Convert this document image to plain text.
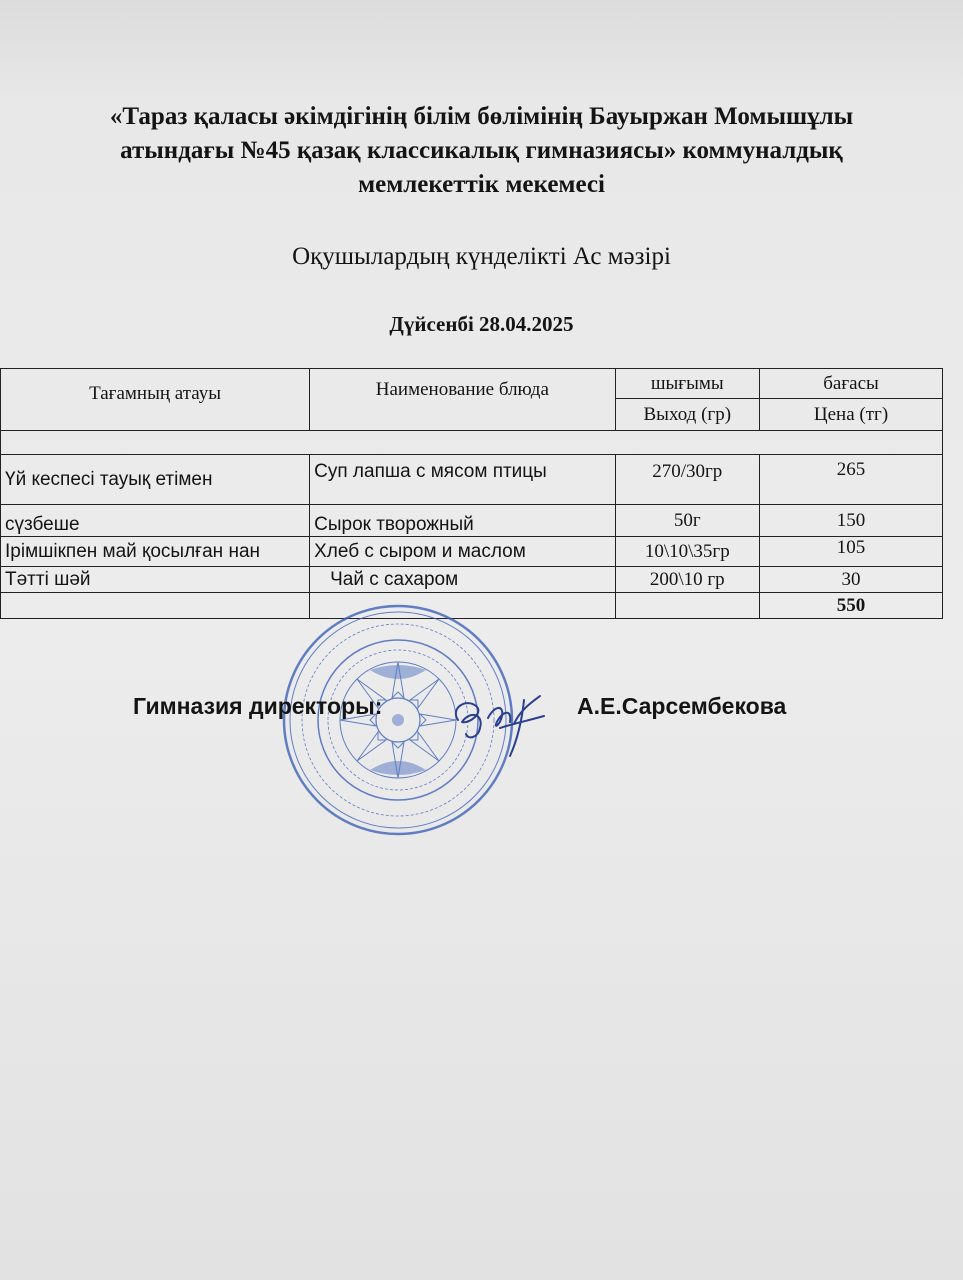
«Тараз қаласы әкімдігінің білім бөлімінің Бауыржан Момышұлы
атындағы №45 қазақ классикалық гимназиясы» коммуналдық
мемлекеттік мекемесі
Оқушылардың күнделікті Ас мәзірі
Дүйсенбі 28.04.2025
Тағамның атауы	Наименование блюда	шығымы	бағасы
		Выход (гр)	Цена (тг)

Үй кеспесі тауық етімен	Суп лапша с мясом птицы	270/30гр	265
сүзбеше	Сырок творожный	50г	150
Ірімшікпен май қосылған нан	Хлеб с сыром и маслом	10\10\35гр	105
Тәтті шәй	Чай с сахаром	200\10 гр	30
			550
Гимназия директоры:	А.Е.Сарсембекова
